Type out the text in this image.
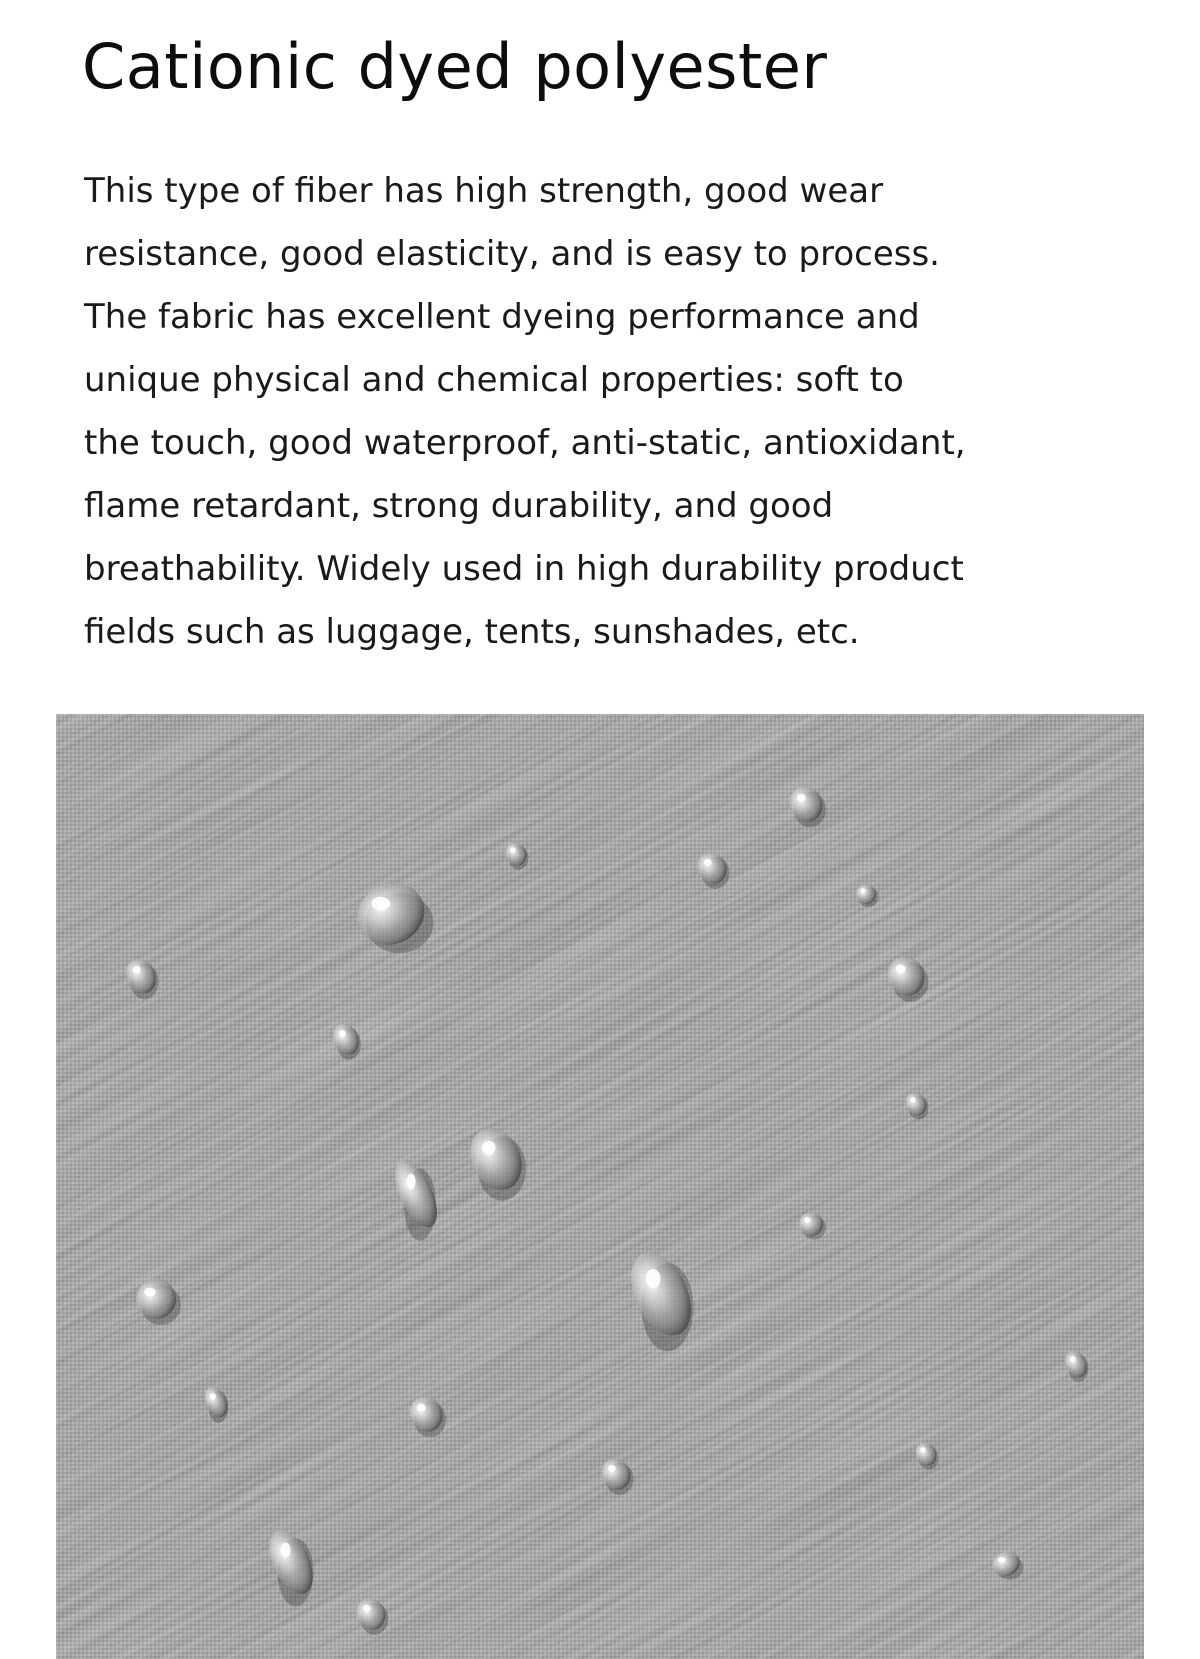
Cationic dyed polyester

This type of fiber has high strength, good wear
resistance, good elasticity, and is easy to process.
The fabric has excellent dyeing performance and
unique physical and chemical properties: soft to
the touch, good waterproof, anti-static, antioxidant,
flame retardant, strong durability, and good
breathability. Widely used in high durability product
fields such as luggage, tents, sunshades, etc.
